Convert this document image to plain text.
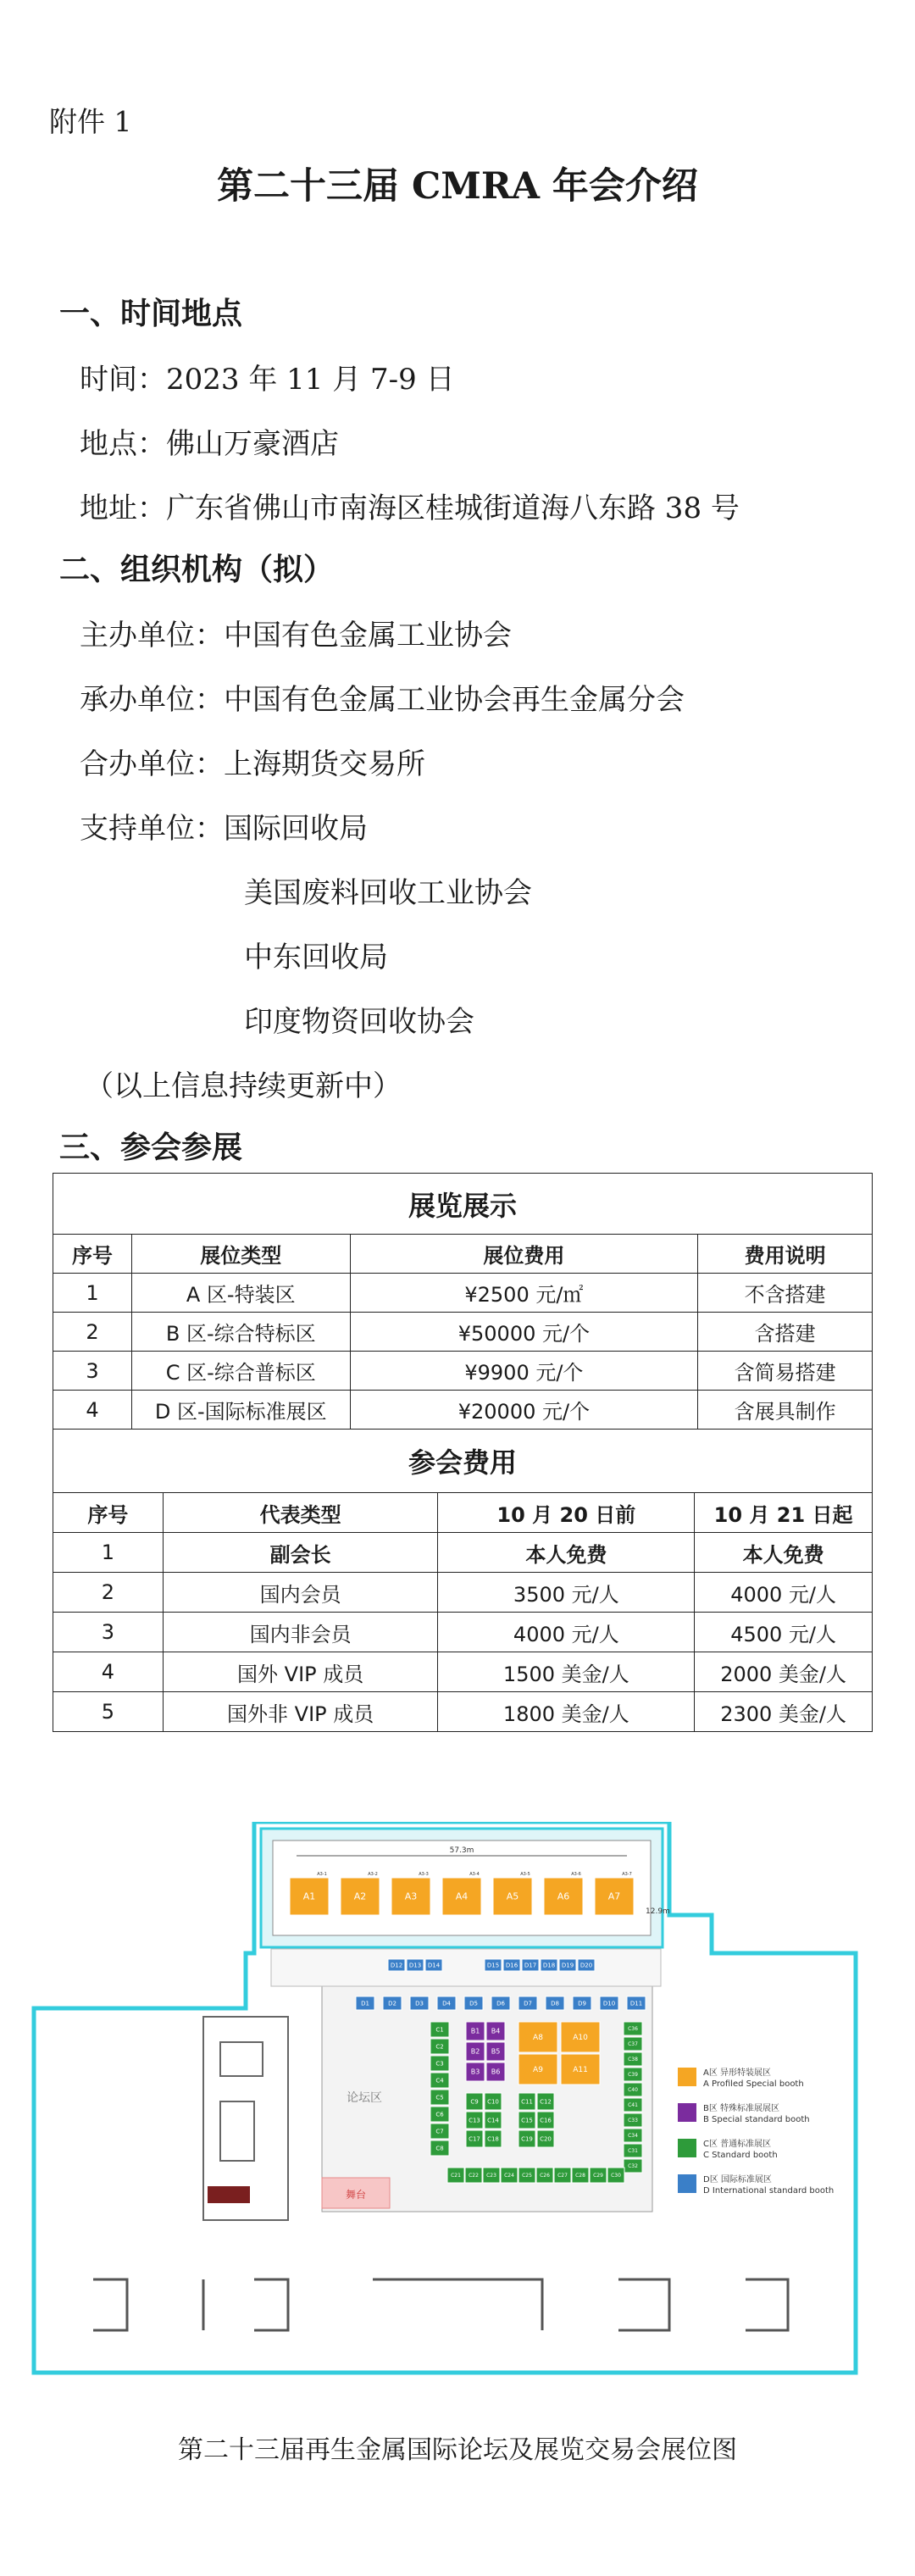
附件 1
第二十三届 CMRA 年会介绍
一、时间地点
时间：2023 年 11 月 7-9 日
地点：佛山万豪酒店
地址：广东省佛山市南海区桂城街道海八东路 38 号
二、组织机构（拟）
主办单位：中国有色金属工业协会
承办单位：中国有色金属工业协会再生金属分会
合办单位：上海期货交易所
支持单位：国际回收局
美国废料回收工业协会
中东回收局
印度物资回收协会
（以上信息持续更新中）
三、参会参展
展览展示			
序号	展位类型	展位费用	费用说明
1	A 区-特装区	¥2500 元/㎡	不含搭建
2	B 区-综合特标区	¥50000 元/个	含搭建
3	C 区-综合普标区	¥9900 元/个	含简易搭建
4	D 区-国际标准展区	¥20000 元/个	含展具制作
参会费用			
序号	代表类型	10 月 20 日前	10 月 21 日起
1	副会长	本人免费	本人免费
2	国内会员	3500 元/人	4000 元/人
3	国内非会员	4000 元/人	4500 元/人
4	国外 VIP 成员	1500 美金/人	2000 美金/人
5	国外非 VIP 成员	1800 美金/人	2300 美金/人
舞台
论坛区
57.3m
12.9m
A1
A3-1
A2
A3-2
A3
A3-3
A4
A3-4
A5
A3-5
A6
A3-6
A7
A3-7
D12 D13 D14	D15 D16 D17 D18 D19 D20
D1	D2	D3	D4	D5	D6	D7	D8	D9	D10	D11
B1 B4
B2 B5
B3 B6
A8	A10
A9	A11
C1
C2
C3
C4
C5
C6
C7
C8
C9 C10	C11 C12
C13 C14	C15 C16
C17 C18	C19 C20
C36
C37
C38
C39
C40
C41
C33
C34
C31
C32
C21 C22 C23 C24 C25 C26 C27 C28 C29 C30
A区 异形特装展区
A Profiled Special booth
B区 特殊标准展展区
B Special standard booth
C区 普通标准展区
C Standard booth
D区 国际标准展区
D International standard booth
第二十三届再生金属国际论坛及展览交易会展位图
